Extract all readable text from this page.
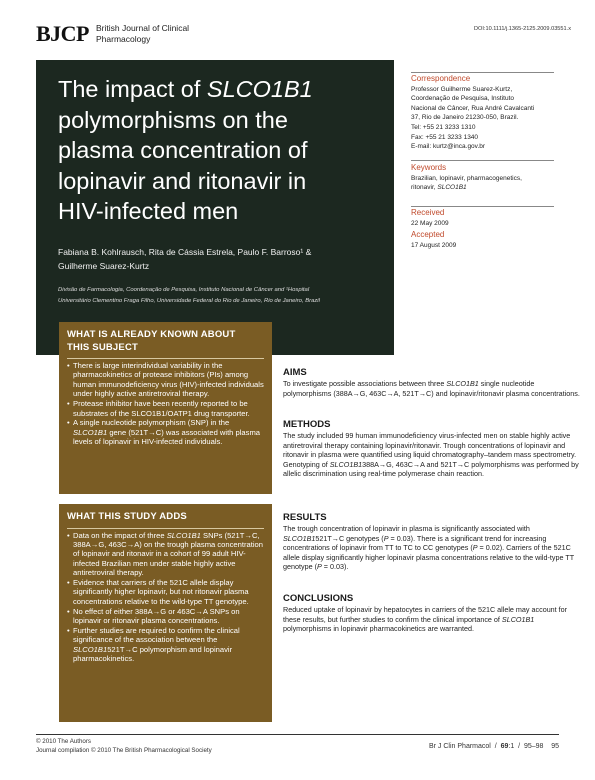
BJCP British Journal of Clinical
Pharmacology
DOI:10.1111/j.1365-2125.2009.03551.x
The impact of SLCO1B1
polymorphisms on the
plasma concentration of
lopinavir and ritonavir in
HIV-infected men
Fabiana B. Kohlrausch, Rita de Cássia Estrela, Paulo F. Barroso¹ &
Guilherme Suarez-Kurtz
Divisão de Farmacologia, Coordenação de Pesquisa, Instituto Nacional de Câncer and ¹Hospital
Universitário Clementino Fraga Filho, Universidade Federal do Rio de Janeiro, Rio de Janeiro, Brazil
Correspondence
Professor Guilherme Suarez-Kurtz,
Coordenação de Pesquisa, Instituto
Nacional de Câncer, Rua André Cavalcanti
37, Rio de Janeiro 21230-050, Brazil.
Tel: +55 21 3233 1310
Fax: +55 21 3233 1340
E-mail: kurtz@inca.gov.br
Keywords
Brazilian, lopinavir, pharmacogenetics,
ritonavir, SLCO1B1
Received
22 May 2009
Accepted
17 August 2009
WHAT IS ALREADY KNOWN ABOUT
THIS SUBJECT
• There is large interindividual variability in the pharmacokinetics of protease inhibitors (PIs) among human immunodeficiency virus (HIV)-infected individuals under highly active antiretroviral therapy.
• Protease inhibitor have been recently reported to be substrates of the SLCO1B1/OATP1 drug transporter.
• A single nucleotide polymorphism (SNP) in the SLCO1B1 gene (521T→C) was associated with plasma levels of lopinavir in HIV-infected individuals.
WHAT THIS STUDY ADDS
• Data on the impact of three SLCO1B1 SNPs (521T→C, 388A→G, 463C→A) on the trough plasma concentration of lopinavir and ritonavir in a cohort of 99 adult HIV-infected Brazilian men under stable highly active antiretroviral therapy.
• Evidence that carriers of the 521C allele display significantly higher lopinavir, but not ritonavir plasma concentrations relative to the wild-type TT genotype.
• No effect of either 388A→G or 463C→A SNPs on lopinavir or ritonavir plasma concentrations.
• Further studies are required to confirm the clinical significance of the association between the SLCO1B1521T→C polymorphism and lopinavir pharmacokinetics.
AIMS

To investigate possible associations between three SLCO1B1 single nucleotide polymorphisms (388A→G, 463C→A, 521T→C) and lopinavir/ritonavir plasma concentrations.

METHODS

The study included 99 human immunodeficiency virus-infected men on stable highly active antiretroviral therapy containing lopinavir/ritonavir. Trough concentrations of lopinavir and ritonavir in plasma were quantified using liquid chromatography–tandem mass spectrometry. Genotyping of SLCO1B1388A→G, 463C→A and 521T→C polymorphisms was performed by allelic discrimination using real-time polymerase chain reaction.

RESULTS

The trough concentration of lopinavir in plasma is significantly associated with SLCO1B1521T→C genotypes (P = 0.03). There is a significant trend for increasing concentrations of lopinavir from TT to TC to CC genotypes (P = 0.02). Carriers of the 521C allele display significantly higher lopinavir plasma concentrations relative to the wild-type TT genotype (P = 0.03).

CONCLUSIONS

Reduced uptake of lopinavir by hepatocytes in carriers of the 521C allele may account for these results, but further studies to confirm the clinical importance of SLCO1B1 polymorphisms in lopinavir pharmacokinetics are warranted.

© 2010 The Authors
Journal compilation © 2010 The British Pharmacological Society	Br J Clin Pharmacol  /  69:1  /  95–98 95
